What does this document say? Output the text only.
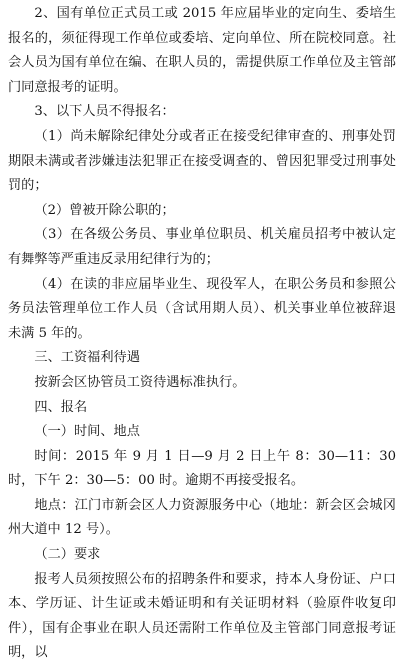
2、国有单位正式员工或 2015 年应届毕业的定向生、委培生报名的，须征得现工作单位或委培、定向单位、所在院校同意。社会人员为国有单位在编、在职人员的，需提供原工作单位及主管部门同意报考的证明。

3、以下人员不得报名：

（1）尚未解除纪律处分或者正在接受纪律审查的、刑事处罚期限未满或者涉嫌违法犯罪正在接受调查的、曾因犯罪受过刑事处罚的；

（2）曾被开除公职的；

（3）在各级公务员、事业单位职员、机关雇员招考中被认定有舞弊等严重违反录用纪律行为的；

（4）在读的非应届毕业生、现役军人，在职公务员和参照公务员法管理单位工作人员（含试用期人员）、机关事业单位被辞退未满 5 年的。

三、工资福利待遇

按新会区协管员工资待遇标准执行。

四、报名

（一）时间、地点

时间：2015 年 9 月 1 日—9 月 2 日上午 8：30—11：30 时，下午 2：30—5：00 时。逾期不再接受报名。

地点：江门市新会区人力资源服务中心（地址：新会区会城冈州大道中 12 号）。

（二）要求

报考人员须按照公布的招聘条件和要求，持本人身份证、户口本、学历证、计生证或未婚证明和有关证明材料（验原件收复印件），国有企事业在职人员还需附工作单位及主管部门同意报考证明，以
